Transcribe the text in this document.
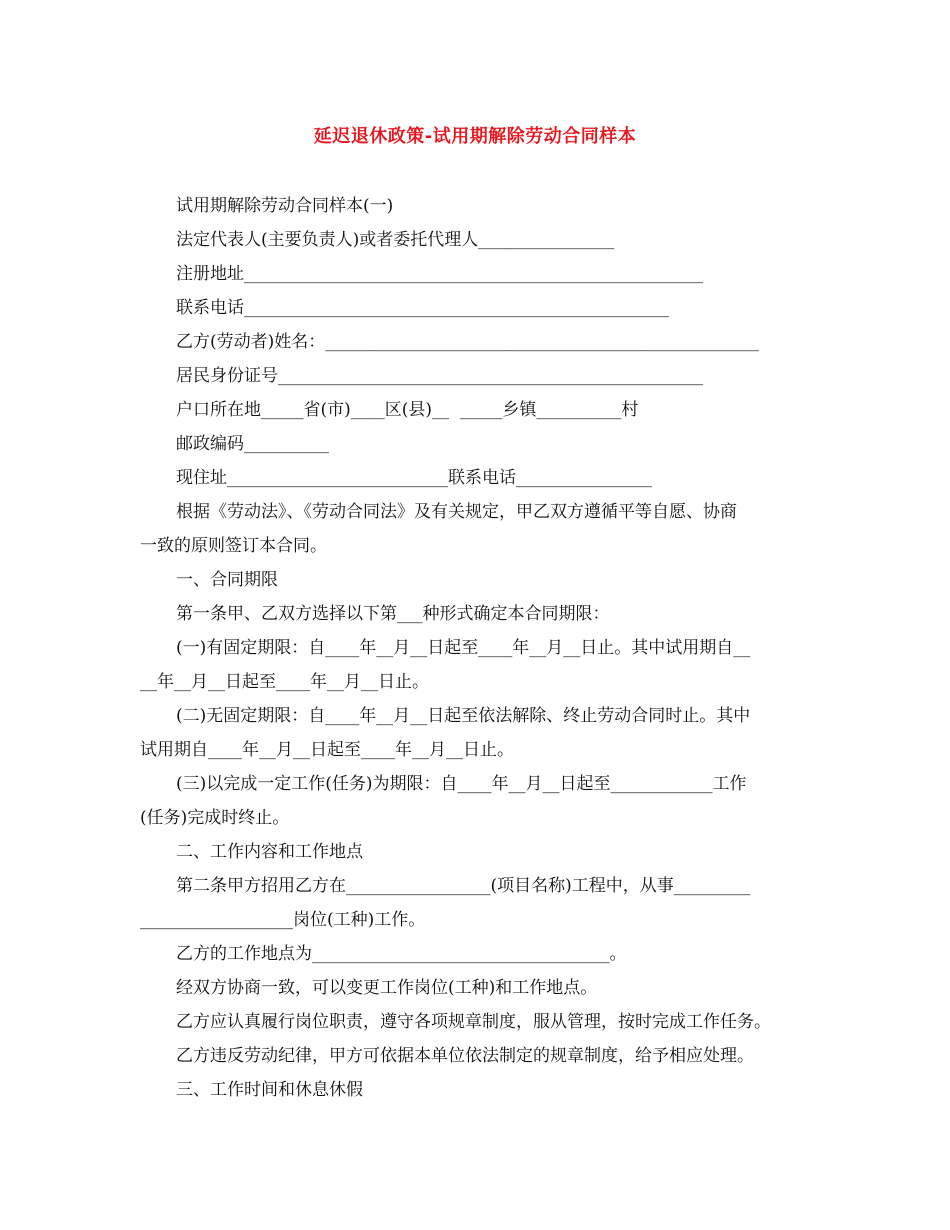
延迟退休政策-试用期解除劳动合同样本
试用期解除劳动合同样本(一)
法定代表人(主要负责人)或者委托代理人________________
注册地址______________________________________________________
联系电话__________________________________________________
乙方(劳动者)姓名：___________________________________________________
居民身份证号__________________________________________________
户口所在地_____省(市)____区(县)__  _____乡镇__________村
邮政编码__________
现住址__________________________联系电话________________
根据《劳动法》、《劳动合同法》及有关规定，甲乙双方遵循平等自愿、协商
一致的原则签订本合同。
一、合同期限
第一条甲、乙双方选择以下第___种形式确定本合同期限：
(一)有固定期限：自____年__月__日起至____年__月__日止。其中试用期自__
__年__月__日起至____年__月__日止。
(二)无固定期限：自____年__月__日起至依法解除、终止劳动合同时止。其中
试用期自____年__月__日起至____年__月__日止。
(三)以完成一定工作(任务)为期限：自____年__月__日起至____________工作
(任务)完成时终止。
二、工作内容和工作地点
第二条甲方招用乙方在_________________(项目名称)工程中，从事_________
__________________岗位(工种)工作。
乙方的工作地点为___________________________________。
经双方协商一致，可以变更工作岗位(工种)和工作地点。
乙方应认真履行岗位职责，遵守各项规章制度，服从管理，按时完成工作任务。
乙方违反劳动纪律，甲方可依据本单位依法制定的规章制度，给予相应处理。
三、工作时间和休息休假
